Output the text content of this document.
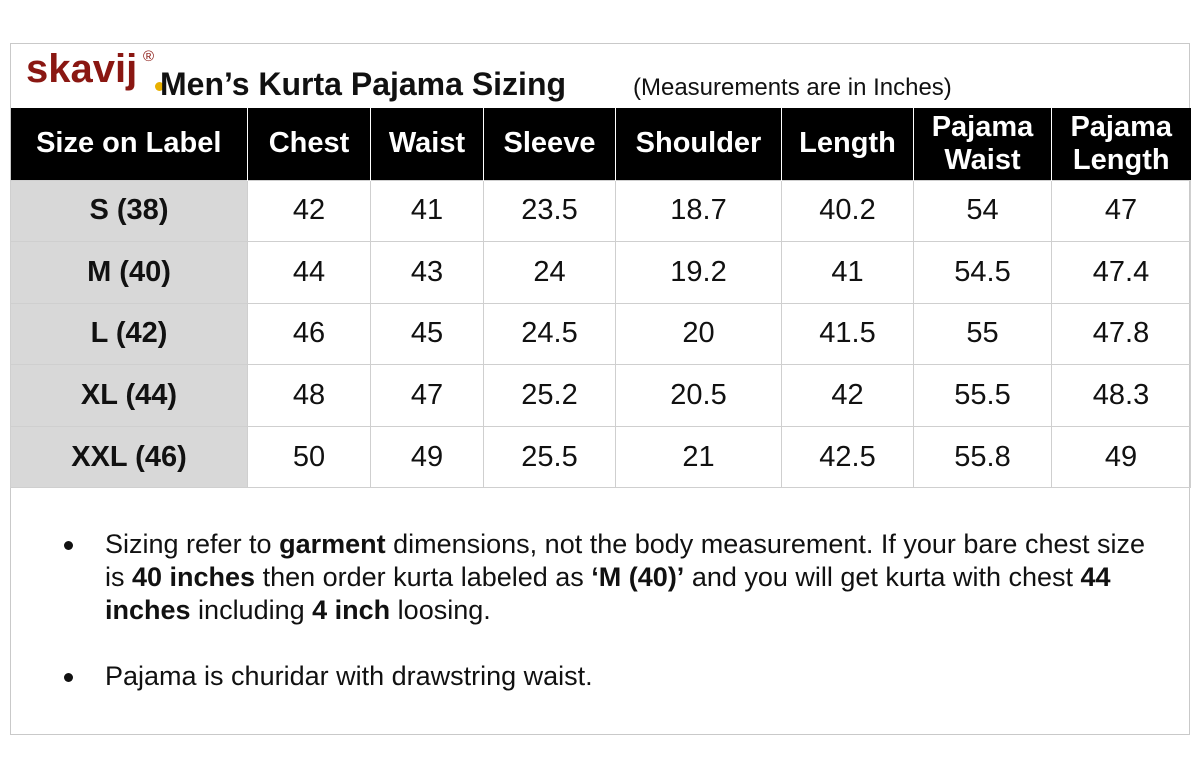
skavij ®
Men’s Kurta Pajama Sizing	(Measurements are in Inches)
Size on Label	Chest	Waist	Sleeve	Shoulder	Length	Pajama Waist	Pajama Length
S (38)	42	41	23.5	18.7	40.2	54	47
M (40)	44	43	24	19.2	41	54.5	47.4
L (42)	46	45	24.5	20	41.5	55	47.8
XL (44)	48	47	25.2	20.5	42	55.5	48.3
XXL (46)	50	49	25.5	21	42.5	55.8	49
Sizing refer to garment dimensions, not the body measurement. If your bare chest size is 40 inches then order kurta labeled as ‘M (40)’ and you will get kurta with chest 44 inches including 4 inch loosing.
Pajama is churidar with drawstring waist.
